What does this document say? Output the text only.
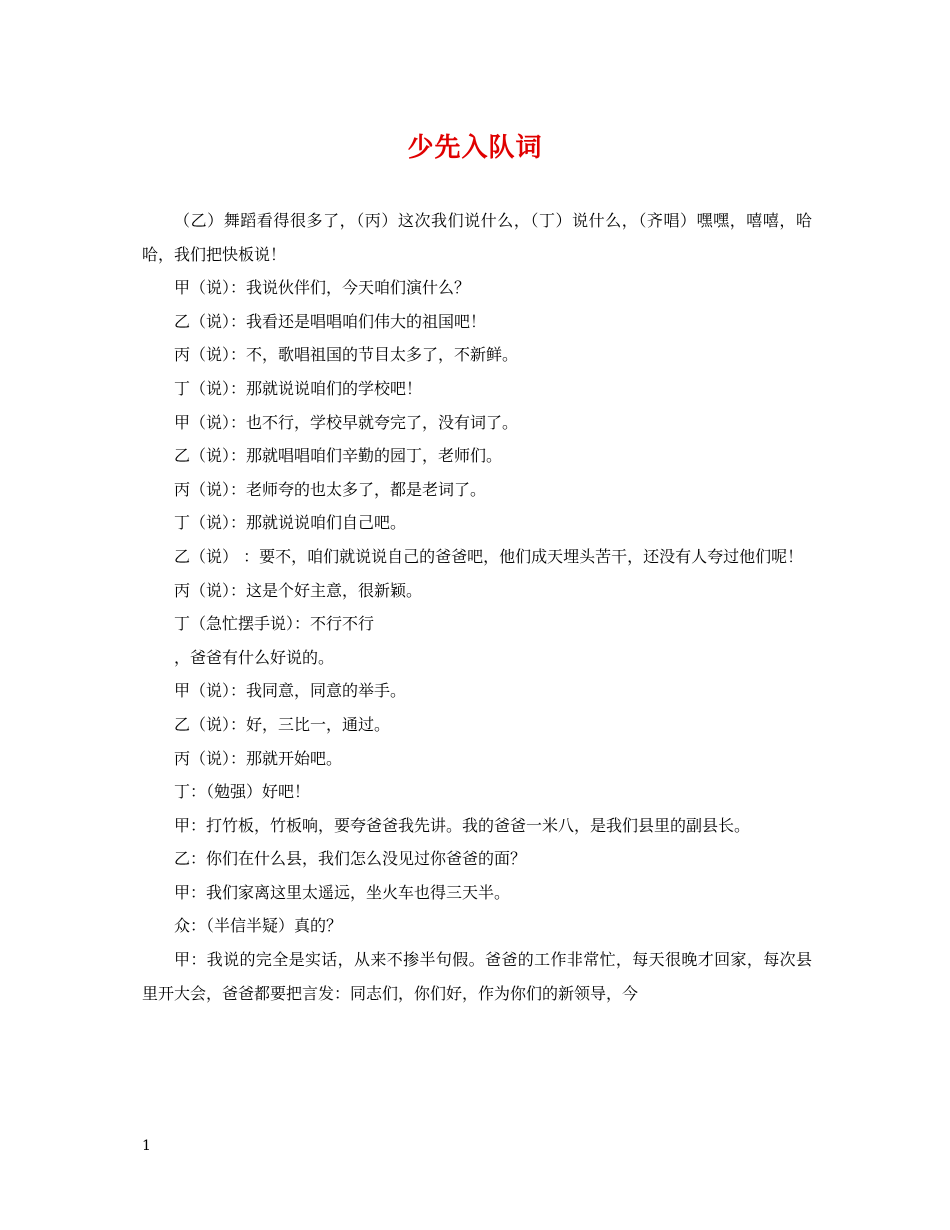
少先入队词

（乙）舞蹈看得很多了，（丙）这次我们说什么，（丁）说什么，（齐唱）嘿嘿，嘻嘻，哈哈，我们把快板说！

甲（说）：我说伙伴们，今天咱们演什么？

乙（说）：我看还是唱唱咱们伟大的祖国吧！

丙（说）：不，歌唱祖国的节目太多了，不新鲜。

丁（说）：那就说说咱们的学校吧！

甲（说）：也不行，学校早就夸完了，没有词了。

乙（说）：那就唱唱咱们辛勤的园丁，老师们。

丙（说）：老师夸的也太多了，都是老词了。

丁（说）：那就说说咱们自己吧。

乙（说） ：要不，咱们就说说自己的爸爸吧，他们成天埋头苦干，还没有人夸过他们呢！

丙（说）：这是个好主意，很新颖。

丁（急忙摆手说）：不行不行

，爸爸有什么好说的。

甲（说）：我同意，同意的举手。

乙（说）：好，三比一，通过。

丙（说）：那就开始吧。

丁：（勉强）好吧！

甲：打竹板，竹板响，要夸爸爸我先讲。我的爸爸一米八，是我们县里的副县长。

乙：你们在什么县，我们怎么没见过你爸爸的面？

甲：我们家离这里太遥远，坐火车也得三天半。

众：（半信半疑）真的？

甲：我说的完全是实话，从来不掺半句假。爸爸的工作非常忙，每天很晚才回家，每次县里开大会，爸爸都要把言发：同志们，你们好，作为你们的新领导，今

1
